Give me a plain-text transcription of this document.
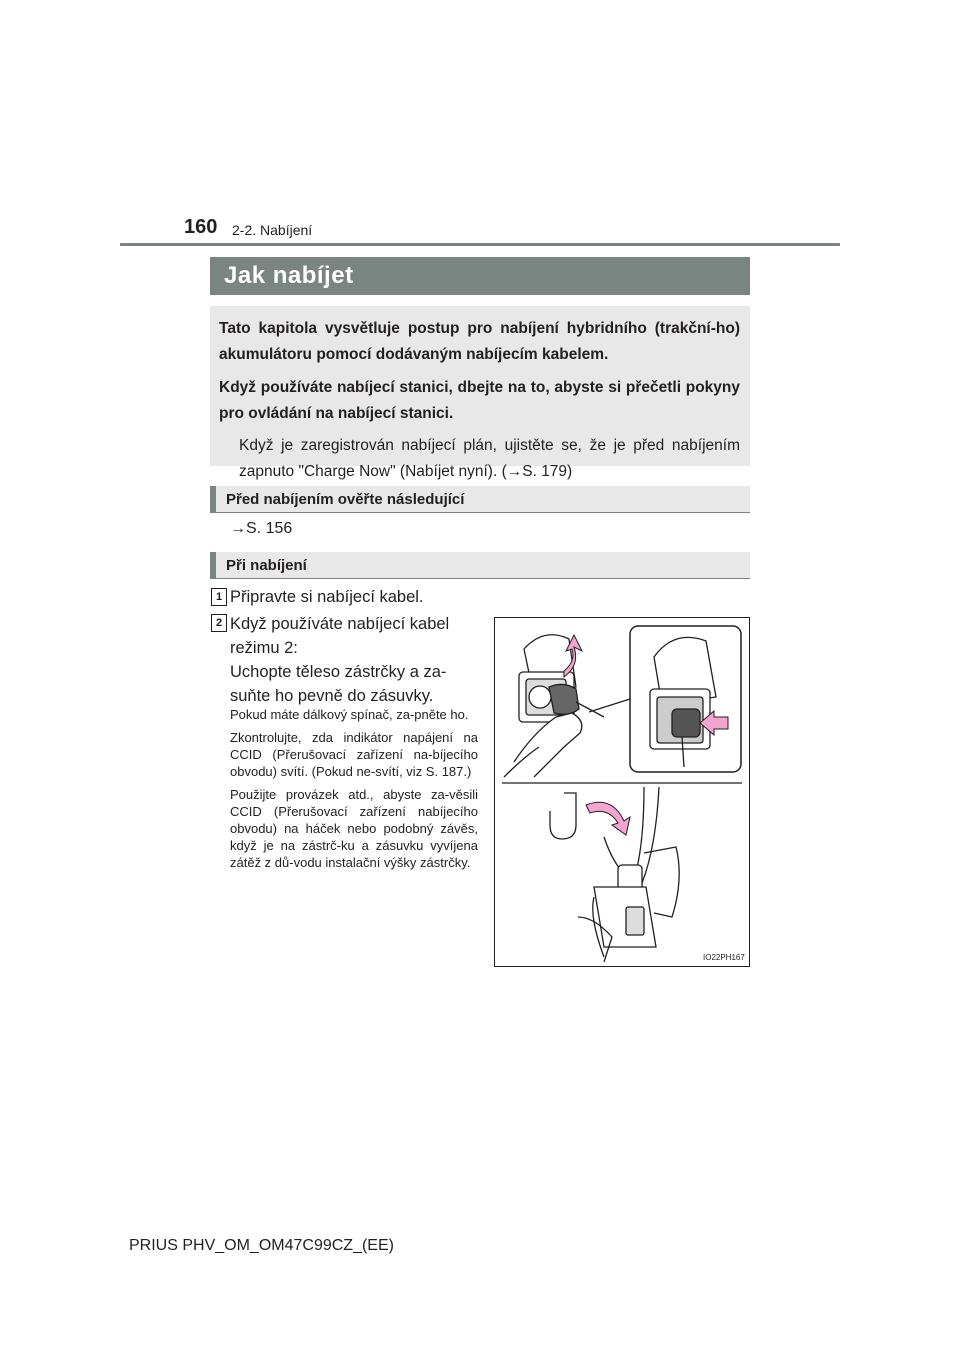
160 2-2. Nabíjení
Jak nabíjet

Tato kapitola vysvětluje postup pro nabíjení hybridního (trakční-ho) akumulátoru pomocí dodávaným nabíjecím kabelem.

Když používáte nabíjecí stanici, dbejte na to, abyste si přečetli pokyny pro ovládání na nabíjecí stanici.

Když je zaregistrován nabíjecí plán, ujistěte se, že je před nabíjením zapnuto "Charge Now" (Nabíjet nyní). (→S. 179)

Před nabíjením ověřte následující
→S. 156
Při nabíjení
1 Připravte si nabíjecí kabel.
2 Když používáte nabíjecí kabel
režimu 2:
Uchopte těleso zástrčky a za-
suňte ho pevně do zásuvky.

Pokud máte dálkový spínač, za-pněte ho.

Zkontrolujte, zda indikátor napájení na CCID (Přerušovací zařízení na-bíjecího obvodu) svítí. (Pokud ne-svítí, viz S. 187.)

Použijte provázek atd., abyste za-věsili CCID (Přerušovací zařízení nabíjecího obvodu) na háček nebo podobný závěs, když je na zástrč-ku a zásuvku vyvíjena zátěž z dů-vodu instalační výšky zástrčky.

IO22PH167
PRIUS PHV_OM_OM47C99CZ_(EE)
